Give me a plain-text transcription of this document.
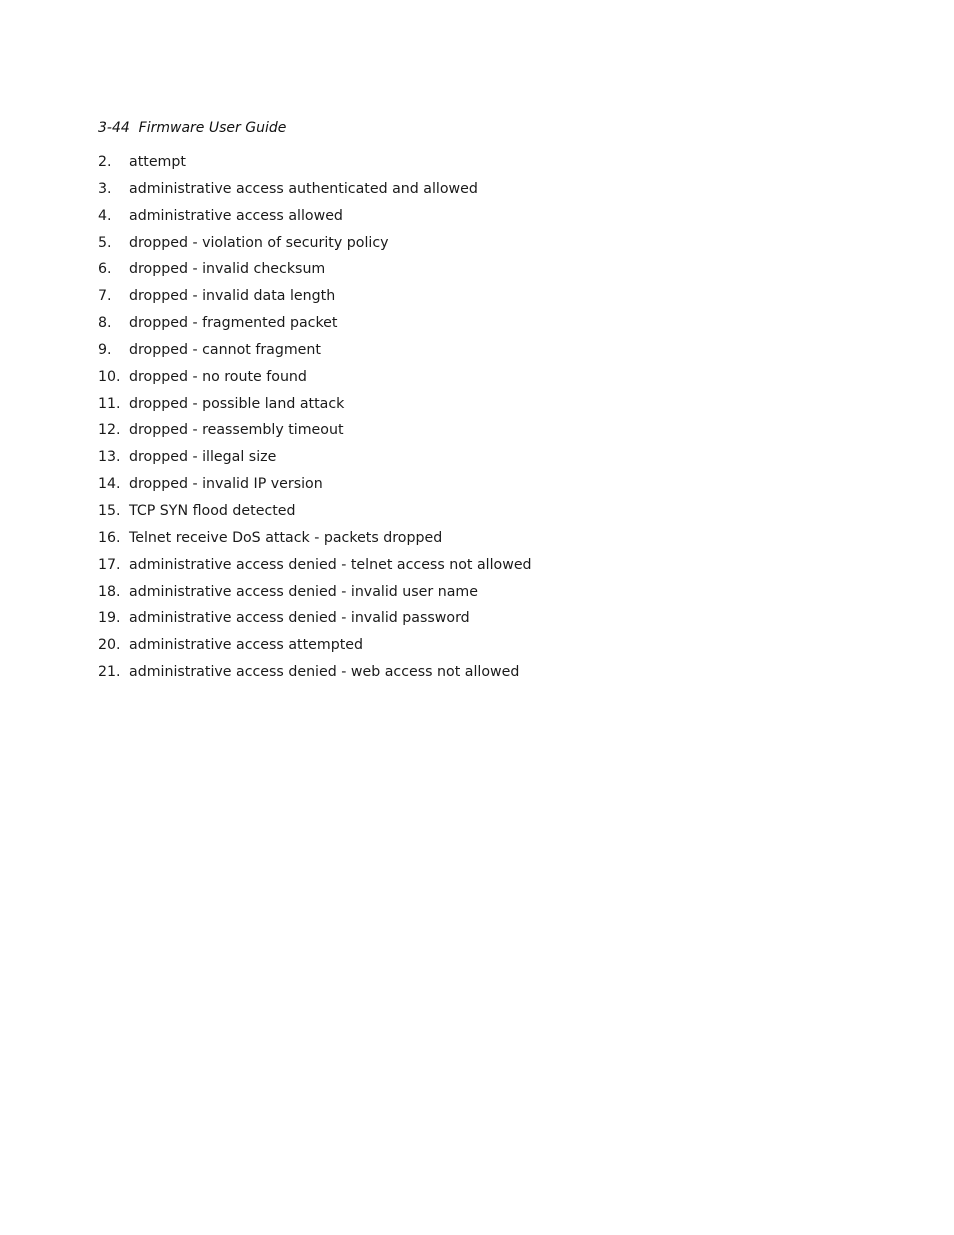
3-44  Firmware User Guide
2.	attempt
3.	administrative access authenticated and allowed
4.	administrative access allowed
5.	dropped - violation of security policy
6.	dropped - invalid checksum
7.	dropped - invalid data length
8.	dropped - fragmented packet
9.	dropped - cannot fragment
10. dropped - no route found
11. dropped - possible land attack
12. dropped - reassembly timeout
13. dropped - illegal size
14. dropped - invalid IP version
15. TCP SYN flood detected
16. Telnet receive DoS attack - packets dropped
17. administrative access denied - telnet access not allowed
18. administrative access denied - invalid user name
19. administrative access denied - invalid password
20. administrative access attempted
21. administrative access denied - web access not allowed
